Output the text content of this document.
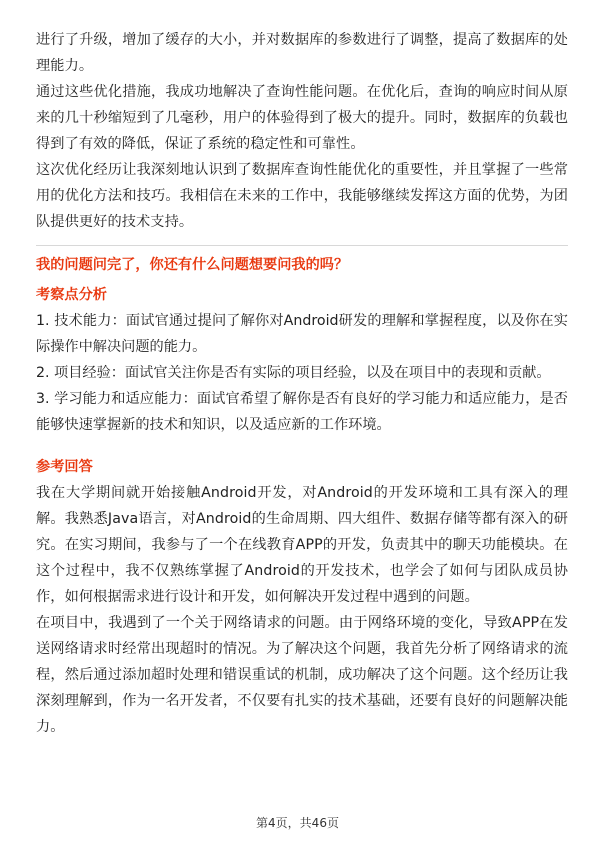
进行了升级，增加了缓存的大小，并对数据库的参数进行了调整，提高了数据库的处理能力。

通过这些优化措施，我成功地解决了查询性能问题。在优化后，查询的响应时间从原来的几十秒缩短到了几毫秒，用户的体验得到了极大的提升。同时，数据库的负载也得到了有效的降低，保证了系统的稳定性和可靠性。

这次优化经历让我深刻地认识到了数据库查询性能优化的重要性，并且掌握了一些常用的优化方法和技巧。我相信在未来的工作中，我能够继续发挥这方面的优势，为团队提供更好的技术支持。

我的问题问完了，你还有什么问题想要问我的吗？

考察点分析

1. 技术能力：面试官通过提问了解你对Android研发的理解和掌握程度，以及你在实际操作中解决问题的能力。

2. 项目经验：面试官关注你是否有实际的项目经验，以及在项目中的表现和贡献。

3. 学习能力和适应能力：面试官希望了解你是否有良好的学习能力和适应能力，是否能够快速掌握新的技术和知识，以及适应新的工作环境。

参考回答

我在大学期间就开始接触Android开发，对Android的开发环境和工具有深入的理解。我熟悉Java语言，对Android的生命周期、四大组件、数据存储等都有深入的研究。在实习期间，我参与了一个在线教育APP的开发，负责其中的聊天功能模块。在这个过程中，我不仅熟练掌握了Android的开发技术，也学会了如何与团队成员协作，如何根据需求进行设计和开发，如何解决开发过程中遇到的问题。

在项目中，我遇到了一个关于网络请求的问题。由于网络环境的变化，导致APP在发送网络请求时经常出现超时的情况。为了解决这个问题，我首先分析了网络请求的流程，然后通过添加超时处理和错误重试的机制，成功解决了这个问题。这个经历让我深刻理解到，作为一名开发者，不仅要有扎实的技术基础，还要有良好的问题解决能力。

第4页，共46页
